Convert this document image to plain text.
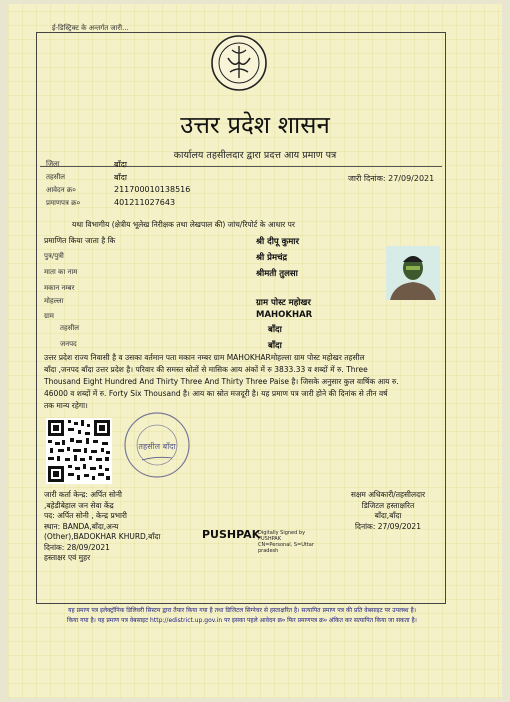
ई-डिस्ट्रिक्ट के अन्तर्गत जारी...
उत्तर प्रदेश शासन
कार्यालय तहसीलदार द्वारा प्रदत्त आय प्रमाण पत्र
जिला	बाँदा
तहसील	बाँदा
आवेदन क्र०	211700010138516
प्रमाणपत्र क्र०	401211027643
जारी दिनांक: 27/09/2021
यथा विभागीय (क्षेत्रीय भूलेख निरीक्षक तथा लेखपाल की) जांच/रिपोर्ट के आधार पर
प्रमाणित किया जाता है कि	श्री दीपू कुमार
पुत्र/पुत्री	श्री प्रेमचंद्र
माता का नाम	श्रीमती तुलसा
मकान नम्बर
मोहल्ला	ग्राम पोस्ट महोखर
ग्राम	MAHOKHAR
तहसील	बाँदा
जनपद	बाँदा
उत्तर प्रदेश राज्य निवासी है व उसका वर्तमान पता मकान नम्बर ग्राम MAHOKHARमोहल्ला ग्राम पोस्ट महोखर तहसील
बाँदा ,जनपद बाँदा उत्तर प्रदेश है। परिवार की समस्त स्रोतों से मासिक आय अंकों में रु 3833.33 व शब्दों में रु. Three
Thousand Eight Hundred And Thirty Three And Thirty Three Paise है। जिसके अनुसार कुल वार्षिक आय रु.
46000 व शब्दों में रु. Forty Six Thousand है। आय का स्रोत मजदूरी है। यह प्रमाण पत्र जारी होने की दिनांक से तीन वर्ष
तक मान्य रहेगा।
तहसील बाँदा
जारी कर्ता केन्द्र: अर्पित सोनी
,बहेडीबेहाल जन सेवा केंद्र
पद: अर्पित सोनी , केन्द्र प्रभारी
स्थान: BANDA,बाँदा,अन्य
(Other),BADOKHAR KHURD,बाँदा
दिनांक: 28/09/2021
हस्ताक्षर एवं मुहर
PUSHPAK
Digitally Signed by
PUSHPAK
CN=Personal, S=Uttar
pradesh
सक्षम अधिकारी/तहसीलदार
डिजिटल हस्ताक्षरित
बाँदा,बाँदा
दिनांक: 27/09/2021
यह प्रमाण पत्र इलेक्ट्रॉनिक डिलिवरी सिस्टम द्वारा तैयार किया गया है तथा डिजिटल सिग्नेचर से हस्ताक्षरित है। सत्यापित प्रमाण पत्र की प्रति वेबसाइट पर उपलब्ध है।
किया गया है। यह प्रमाण पत्र वेबसाइट http://edistrict.up.gov.in पर इसका पहले आवेदन क्र० फिर प्रमाणपत्र क्र० अंकित कर सत्यापित किया जा सकता है।
